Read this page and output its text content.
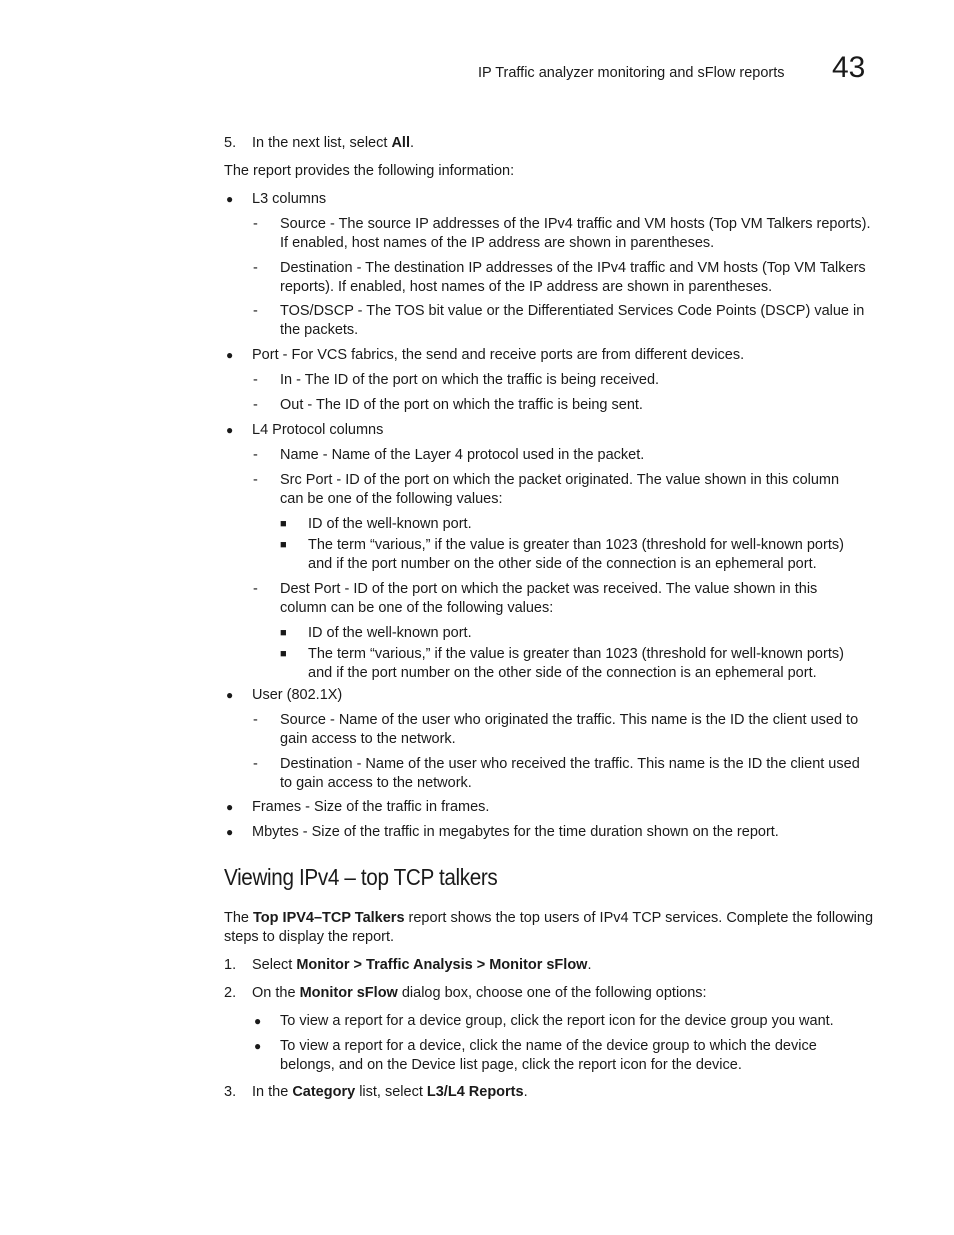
IP Traffic analyzer monitoring and sFlow reports 43
5. In the next list, select All.
The report provides the following information:
● L3 columns
- Source - The source IP addresses of the IPv4 traffic and VM hosts (Top VM Talkers reports).
If enabled, host names of the IP address are shown in parentheses.
- Destination - The destination IP addresses of the IPv4 traffic and VM hosts (Top VM Talkers
reports). If enabled, host names of the IP address are shown in parentheses.
- TOS/DSCP - The TOS bit value or the Differentiated Services Code Points (DSCP) value in
the packets.
● Port - For VCS fabrics, the send and receive ports are from different devices.
- In - The ID of the port on which the traffic is being received.
- Out - The ID of the port on which the traffic is being sent.
● L4 Protocol columns
- Name - Name of the Layer 4 protocol used in the packet.
- Src Port - ID of the port on which the packet originated. The value shown in this column
can be one of the following values:
■ ID of the well-known port.
■ The term “various,” if the value is greater than 1023 (threshold for well-known ports)
and if the port number on the other side of the connection is an ephemeral port.
- Dest Port - ID of the port on which the packet was received. The value shown in this
column can be one of the following values:
■ ID of the well-known port.
■ The term “various,” if the value is greater than 1023 (threshold for well-known ports)
and if the port number on the other side of the connection is an ephemeral port.
● User (802.1X)
- Source - Name of the user who originated the traffic. This name is the ID the client used to
gain access to the network.
- Destination - Name of the user who received the traffic. This name is the ID the client used
to gain access to the network.
● Frames - Size of the traffic in frames.
● Mbytes - Size of the traffic in megabytes for the time duration shown on the report.
Viewing IPv4 – top TCP talkers
The Top IPV4–TCP Talkers report shows the top users of IPv4 TCP services. Complete the following
steps to display the report.
1. Select Monitor > Traffic Analysis > Monitor sFlow.
2. On the Monitor sFlow dialog box, choose one of the following options:
● To view a report for a device group, click the report icon for the device group you want.
● To view a report for a device, click the name of the device group to which the device
belongs, and on the Device list page, click the report icon for the device.
3. In the Category list, select L3/L4 Reports.
